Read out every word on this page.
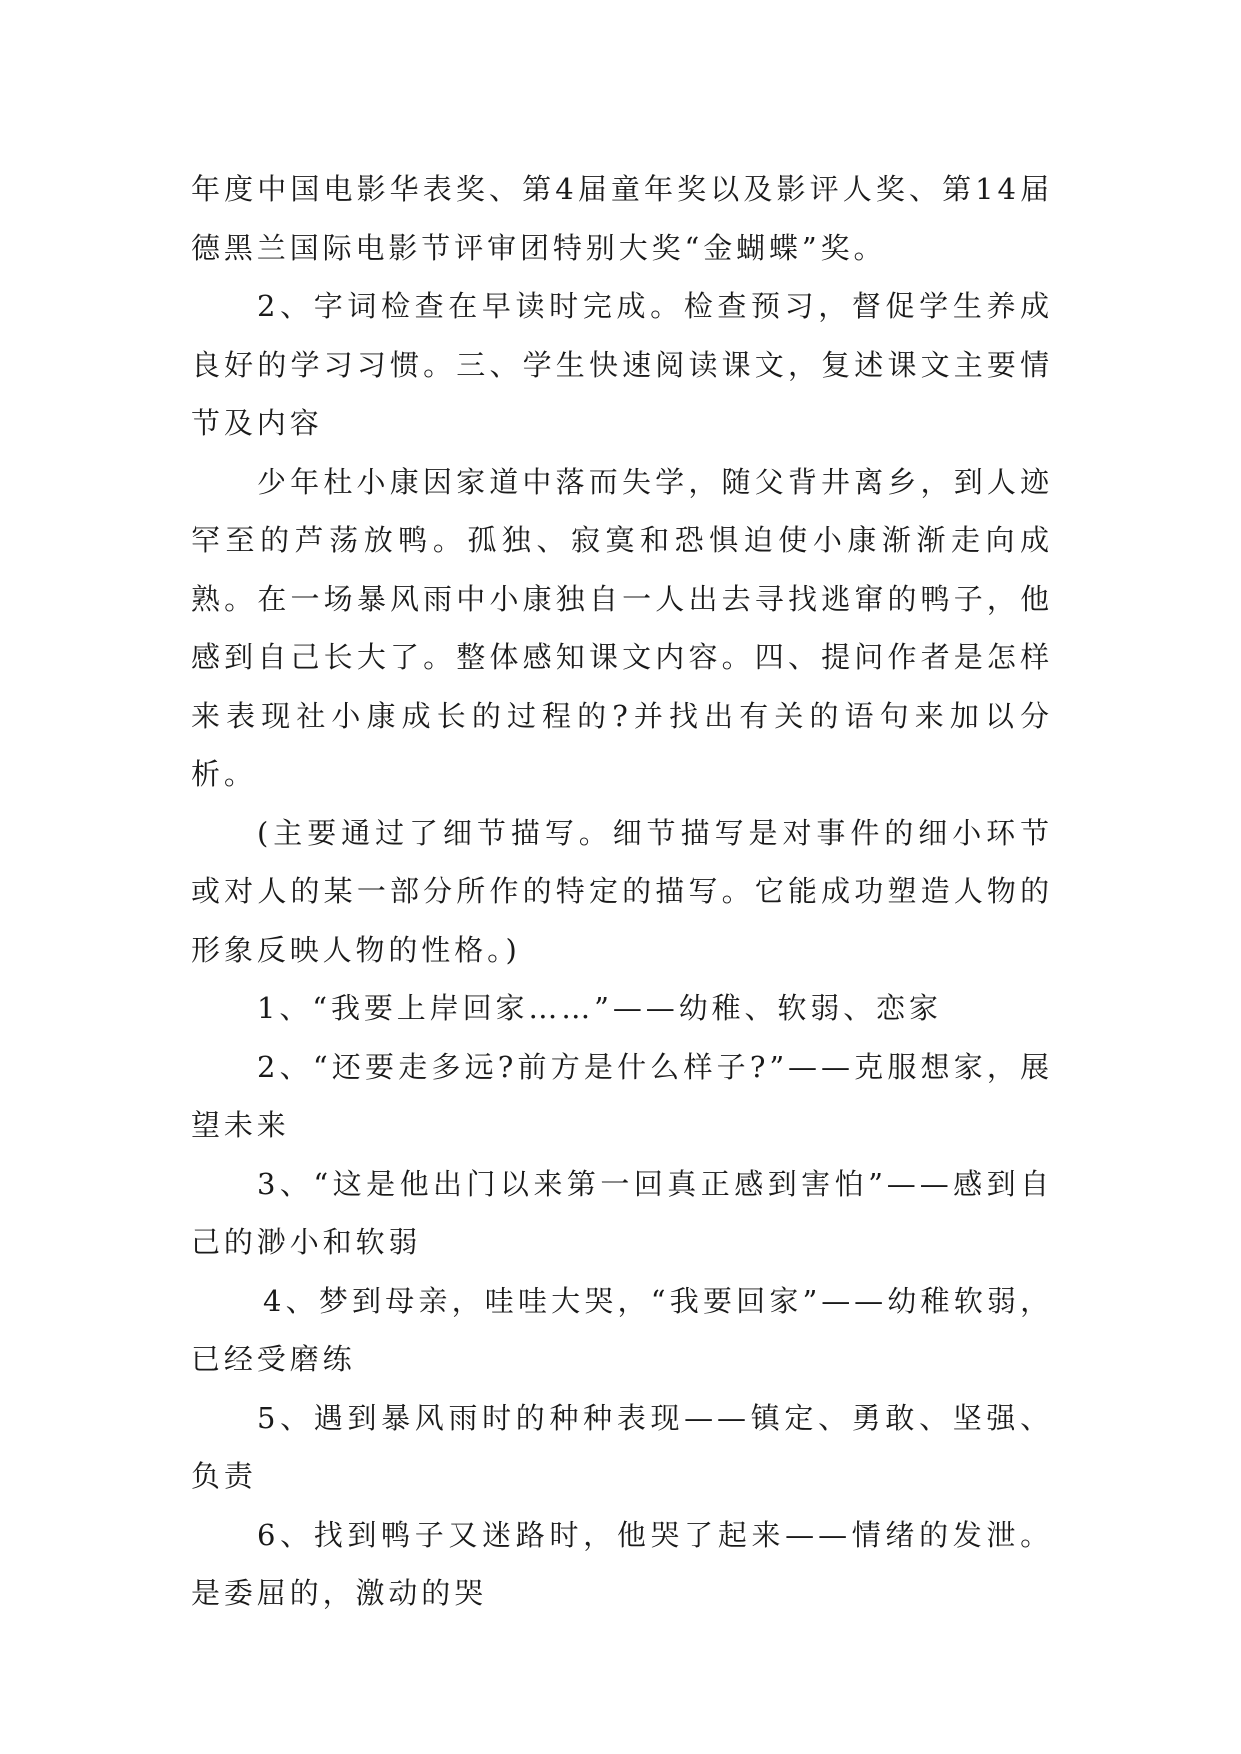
年度中国电影华表奖、第4届童年奖以及影评人奖、第14届德黑兰国际电影节评审团特别大奖“金蝴蝶”奖。

2、字词检查在早读时完成。检查预习，督促学生养成良好的学习习惯。三、学生快速阅读课文，复述课文主要情节及内容

少年杜小康因家道中落而失学，随父背井离乡，到人迹罕至的芦荡放鸭。孤独、寂寞和恐惧迫使小康渐渐走向成熟。在一场暴风雨中小康独自一人出去寻找逃窜的鸭子，他感到自己长大了。整体感知课文内容。四、提问作者是怎样来表现社小康成长的过程的?并找出有关的语句来加以分析。

(主要通过了细节描写。细节描写是对事件的细小环节或对人的某一部分所作的特定的描写。它能成功塑造人物的形象反映人物的性格。)

1、“我要上岸回家……”——幼稚、软弱、恋家

2、“还要走多远?前方是什么样子?”——克服想家，展望未来

3、“这是他出门以来第一回真正感到害怕”——感到自己的渺小和软弱

4、梦到母亲，哇哇大哭，“我要回家”——幼稚软弱，已经受磨练

5、遇到暴风雨时的种种表现——镇定、勇敢、坚强、负责

6、找到鸭子又迷路时，他哭了起来——情绪的发泄。是委屈的，激动的哭
